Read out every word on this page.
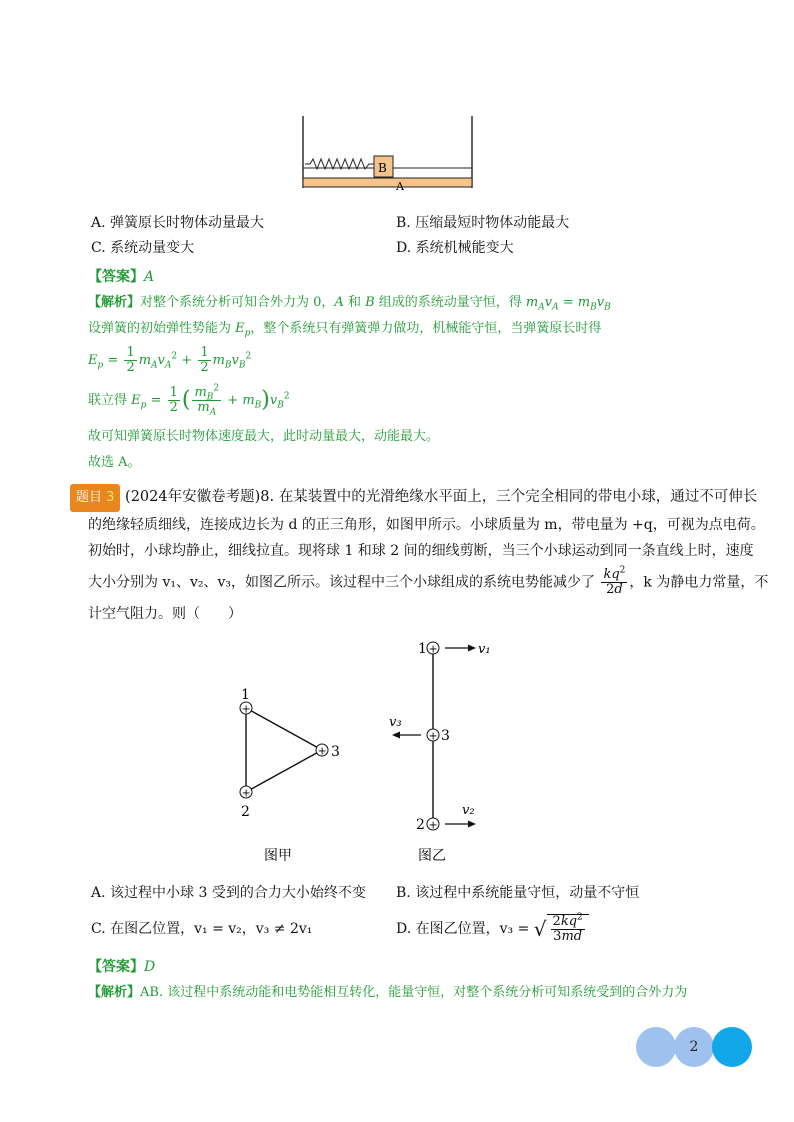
B
A
A. 弹簧原长时物体动量最大	B. 压缩最短时物体动能最大
C. 系统动量变大	D. 系统机械能变大
【答案】A
【解析】对整个系统分析可知合外力为 0，A 和 B 组成的系统动量守恒，得 $m_Av_A = m_Bv_B$
设弹簧的初始弹性势能为 $E_p$，整个系统只有弹簧弹力做功，机械能守恒，当弹簧原长时得
$E_p = \frac{1}{2} m_Av_A^2 + \frac{1}{2} m_Bv_B^2$
联立得 $E_p = \frac{1}{2}$ ( $\frac{m_B^2}{m_A} + m_B)v_B^2$
故可知弹簧原长时物体速度最大，此时动量最大，动能最大。
故选 A。
题目 3 (2024年安徽卷考题)8. 在某装置中的光滑绝缘水平面上，三个完全相同的带电小球，通过不可伸长
的绝缘轻质细线，连接成边长为 d 的正三角形，如图甲所示。小球质量为 m，带电量为 +q，可视为点电荷。
初始时，小球均静止，细线拉直。现将球 1 和球 2 间的细线剪断，当三个小球运动到同一条直线上时，速度
大小分别为 v₁、v₂、v₃，如图乙所示。该过程中三个小球组成的系统电势能减少了 $\frac{kq^2}{2d}$ ，k 为静电力常量，不
计空气阻力。则（　　）
+
+
+
1
2
3
图甲
+
+
+
1
3
2
v₁
v₃
v₂
图乙
A. 该过程中小球 3 受到的合力大小始终不变 B. 该过程中系统能量守恒，动量不守恒
C. 在图乙位置，v₁ = v₂，v₃ ≠ 2v₁	D. 在图乙位置，v₃ = √ $\frac{2kq^2}{3md}$
【答案】D
【解析】AB. 该过程中系统动能和电势能相互转化，能量守恒，对整个系统分析可知系统受到的合外力为
2
